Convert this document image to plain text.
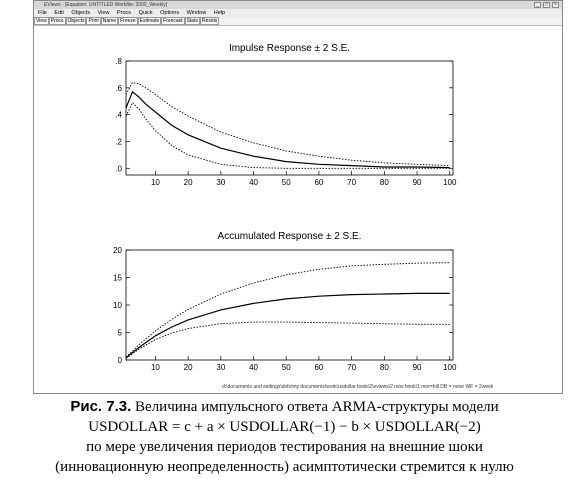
EViews - [Equation: UNTITLED Workfile: 2000_Weekly]	_	□	×
File Edit Objects View Procs Quick Options Window Help
View Procs Objects Print Name Freeze Estimate Forecast Stats Resids
Impulse Response ± 2 S.E.
.0
.2
.4
.6
.8
10	20	30	40	50	60	70	80	90	100
Accumulated Response ± 2 S.E.
0
5
10
15
20
10	20	30	40	50	60	70	80	90	100
d:\documents and settings\dsfs\my documents\work\usdollar book\2\eviews\2 new book\1 mor=hill DB = none WF = 2week
Рис. 7.3. Величина импульсного ответа ARMA-структуры модели
USDOLLAR = c + a × USDOLLAR(−1) − b × USDOLLAR(−2)
по мере увеличения периодов тестирования на внешние шоки
(инновационную неопределенность) асимптотически стремится к нулю
